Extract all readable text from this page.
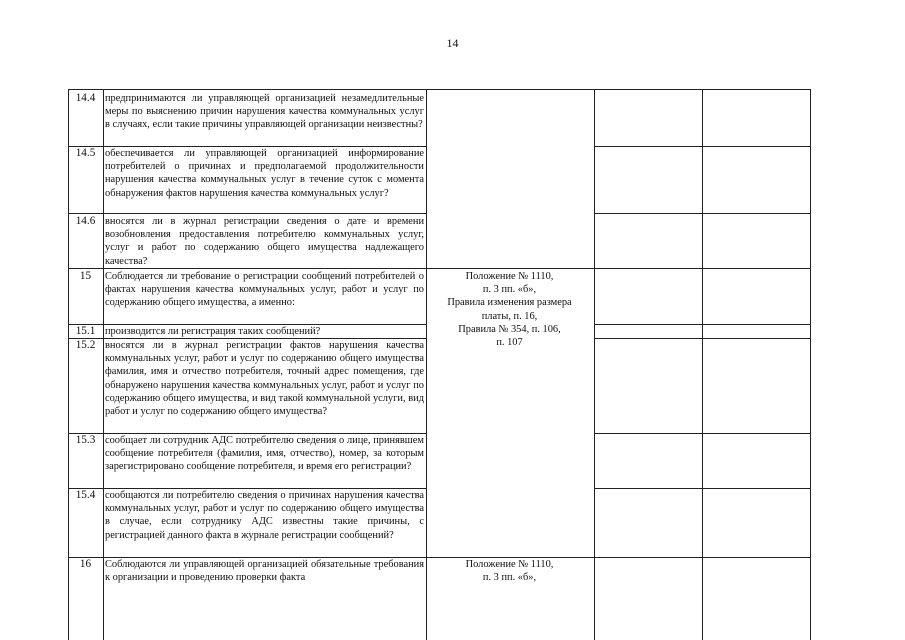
14
14.4 предпринимаются ли управляющей организацией незамедлительные меры по выяснению причин нарушения качества коммунальных услуг в случаях, если такие причины управляющей организации неизвестны?
14.5 обеспечивается ли управляющей организацией информирование потребителей о причинах и предполагаемой продолжительности нарушения качества коммунальных услуг в течение суток с момента обнаружения фактов нарушения качества коммунальных услуг?
14.6 вносятся ли в журнал регистрации сведения о дате и времени возобновления предоставления потребителю коммунальных услуг, услуг и работ по содержанию общего имущества надлежащего качества?
15	Соблюдается ли требование о регистрации сообщений потребителей о фактах нарушения качества коммунальных услуг, работ и услуг по содержанию общего имущества, а именно:
15.1 производится ли регистрация таких сообщений?
15.2 вносятся ли в журнал регистрации фактов нарушения качества коммунальных услуг, работ и услуг по содержанию общего имущества фамилия, имя и отчество потребителя, точный адрес помещения, где обнаружено нарушения качества коммунальных услуг, работ и услуг по содержанию общего имущества, и вид такой коммунальной услуги, вид работ и услуг по содержанию общего имущества?
15.3 сообщает ли сотрудник АДС потребителю сведения о лице, принявшем сообщение потребителя (фамилия, имя, отчество), номер, за которым зарегистрировано сообщение потребителя, и время его регистрации?
15.4 сообщаются ли потребителю сведения о причинах нарушения качества коммунальных услуг, работ и услуг по содержанию общего имущества в случае, если сотруднику АДС известны такие причины, с регистрацией данного факта в журнале регистрации сообщений?
16	Соблюдаются ли управляющей организацией обязательные требования к организации и проведению проверки факта
Положение № 1110,
п. 3 пп. «б»,
Правила изменения размера
платы, п. 16,
Правила № 354, п. 106,
п. 107
Положение № 1110,
п. 3 пп. «б»,
